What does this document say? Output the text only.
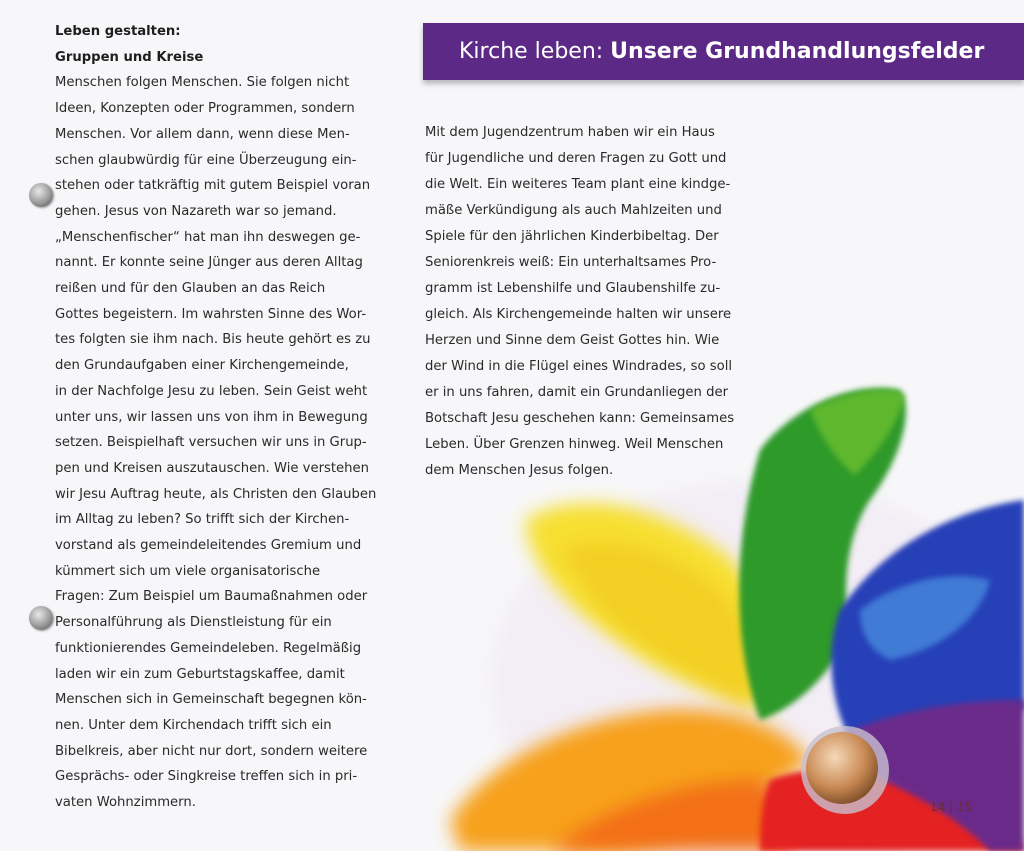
Leben gestalten:
Gruppen und Kreise
Menschen folgen Menschen. Sie folgen nicht
Ideen, Konzepten oder Programmen, sondern
Menschen. Vor allem dann, wenn diese Men-
schen glaubwürdig für eine Überzeugung ein-
stehen oder tatkräftig mit gutem Beispiel voran
gehen. Jesus von Nazareth war so jemand.
„Menschenfischer“ hat man ihn deswegen ge-
nannt. Er konnte seine Jünger aus deren Alltag
reißen und für den Glauben an das Reich
Gottes begeistern. Im wahrsten Sinne des Wor-
tes folgten sie ihm nach. Bis heute gehört es zu
den Grundaufgaben einer Kirchengemeinde,
in der Nachfolge Jesu zu leben. Sein Geist weht
unter uns, wir lassen uns von ihm in Bewegung
setzen. Beispielhaft versuchen wir uns in Grup-
pen und Kreisen auszutauschen. Wie verstehen
wir Jesu Auftrag heute, als Christen den Glauben
im Alltag zu leben? So trifft sich der Kirchen-
vorstand als gemeindeleitendes Gremium und
kümmert sich um viele organisatorische
Fragen: Zum Beispiel um Baumaßnahmen oder
Personalführung als Dienstleistung für ein
funktionierendes Gemeindeleben. Regelmäßig
laden wir ein zum Geburtstagskaffee, damit
Menschen sich in Gemeinschaft begegnen kön-
nen. Unter dem Kirchendach trifft sich ein
Bibelkreis, aber nicht nur dort, sondern weitere
Gesprächs- oder Singkreise treffen sich in pri-
vaten Wohnzimmern.
Kirche leben:
Unsere Grundhandlungsfelder
Mit dem Jugendzentrum haben wir ein Haus
für Jugendliche und deren Fragen zu Gott und
die Welt. Ein weiteres Team plant eine kindge-
mäße Verkündigung als auch Mahlzeiten und
Spiele für den jährlichen Kinderbibeltag. Der
Seniorenkreis weiß: Ein unterhaltsames Pro-
gramm ist Lebenshilfe und Glaubenshilfe zu-
gleich. Als Kirchengemeinde halten wir unsere
Herzen und Sinne dem Geist Gottes hin. Wie
der Wind in die Flügel eines Windrades, so soll
er in uns fahren, damit ein Grundanliegen der
Botschaft Jesu geschehen kann: Gemeinsames
Leben. Über Grenzen hinweg. Weil Menschen
dem Menschen Jesus folgen.
14 | 15
